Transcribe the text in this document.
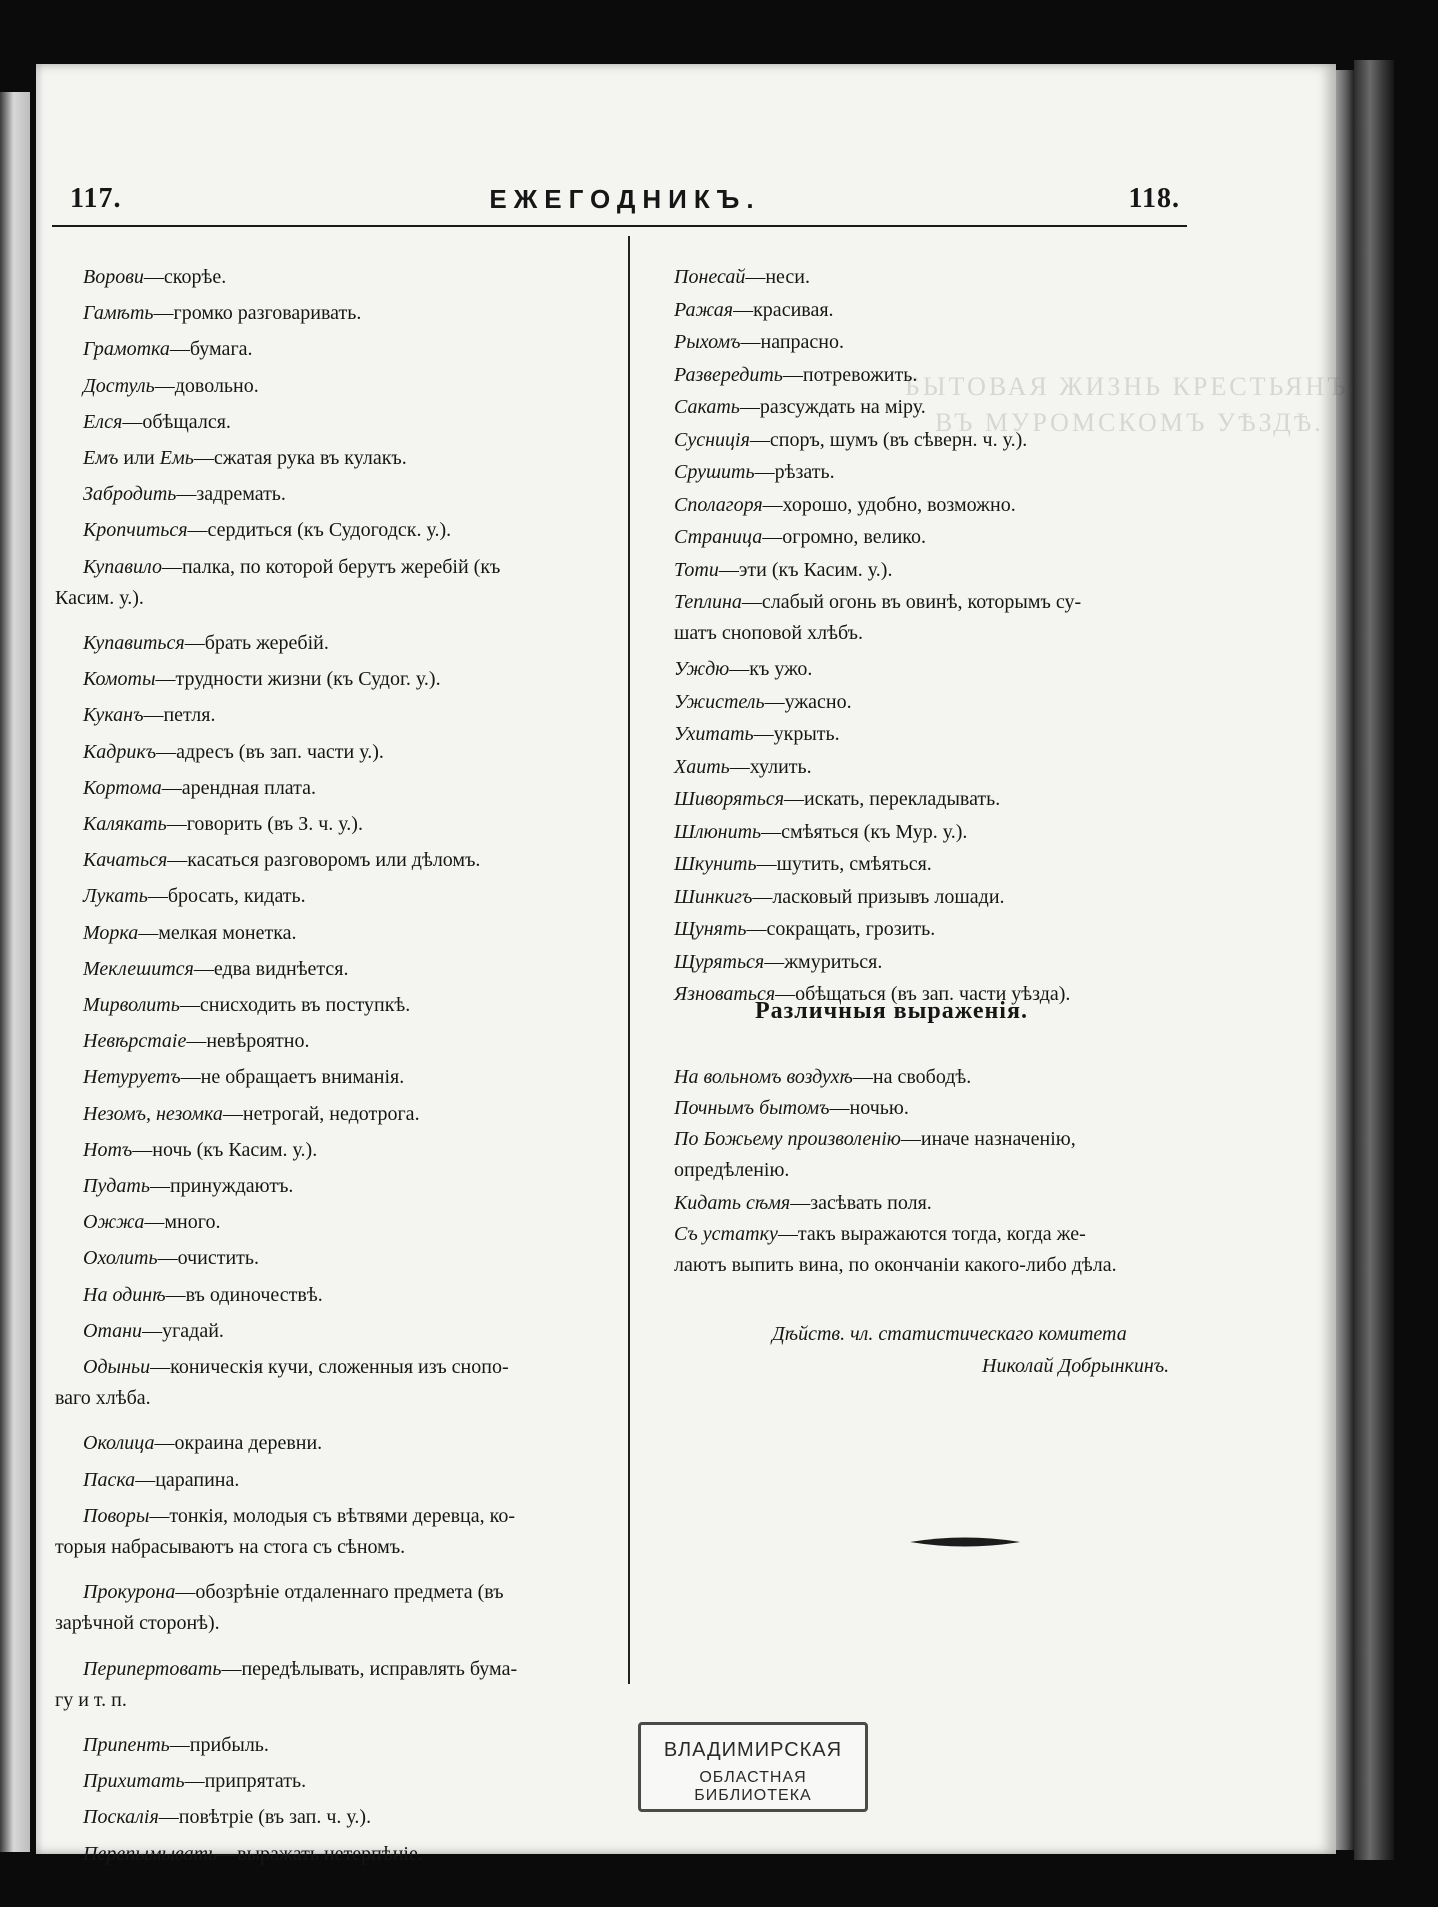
117.	ЕЖЕГОДНИКЪ.	118.
Ворови—скорѣе.
Гамѣть—громко разговаривать.
Грамотка—бумага.
Достуль—довольно.
Елся—обѣщался.
Емъ или Емь—сжатая рука въ кулакъ.
Забродить—задремать.
Кропчиться—сердиться (къ Судогодск. у.).
Купавило—палка, по которой берутъ жеребій (къ
Касим. у.).
Купавиться—брать жеребій.
Комоты—трудности жизни (къ Судог. у.).
Куканъ—петля.
Кадрикъ—адресъ (въ зап. части у.).
Кортома—арендная плата.
Калякать—говорить (въ З. ч. у.).
Качаться—касаться разговоромъ или дѣломъ.
Лукать—бросать, кидать.
Морка—мелкая монетка.
Меклешится—едва виднѣется.
Мирволить—снисходить въ поступкѣ.
Невѣрстаіе—невѣроятно.
Нетуруетъ—не обращаетъ вниманія.
Незомъ, незомка—нетрогай, недотрога.
Нотъ—ночь (къ Касим. у.).
Пудать—принуждаютъ.
Ожжа—много.
Охолить—очистить.
На одинѣ—въ одиночествѣ.
Отани—угадай.
Одыньи—коническія кучи, сложенныя изъ снопо-
ваго хлѣба.
Околица—окраина деревни.
Паска—царапина.
Поворы—тонкія, молодыя съ вѣтвями деревца, ко-
торыя набрасываютъ на стога съ сѣномъ.
Прокурона—обозрѣніе отдаленнаго предмета (въ
зарѣчной сторонѣ).
Перипертовать—передѣлывать, исправлять бума-
гу и т. п.
Припенть—прибыль.
Прихитать—припрятать.
Поскалія—повѣтріе (въ зап. ч. у.).
Перепымывать—выражать нетерпѣніе.
Понесай—неси.
Ражая—красивая.
Рыхомъ—напрасно.
Развередить—потревожить.
Сакать—разсуждать на міру.
Сусниція—споръ, шумъ (въ сѣверн. ч. у.).
Срушить—рѣзать.
Сполагоря—хорошо, удобно, возможно.
Страница—огромно, велико.
Тоти—эти (къ Касим. у.).
Теплина—слабый огонь въ овинѣ, которымъ су-
шатъ сноповой хлѣбъ.
Уждю—къ ужо.
Ужистель—ужасно.
Ухитать—укрыть.
Хаить—хулить.
Шиворяться—искать, перекладывать.
Шлюнить—смѣяться (къ Мур. у.).
Шкунить—шутить, смѣяться.
Шинкигъ—ласковый призывъ лошади.
Щунять—сокращать, грозить.
Щуряться—жмуриться.
Язноваться—обѣщаться (въ зап. части уѣзда).
Различныя выраженія.
На вольномъ воздухѣ—на свободѣ.
Почнымъ бытомъ—ночью.
По Божьему произволенію—иначе назначенію,
опредѣленію.
Кидать сѣмя—засѣвать поля.
Съ устатку—такъ выражаются тогда, когда же-
лаютъ выпить вина, по окончаніи какого-либо дѣла.
Дѣйств. чл. статистическаго комитета
Николай Добрынкинъ.
ВЛАДИМИРСКАЯ
ОБЛАСТНАЯ БИБЛИОТЕКА
